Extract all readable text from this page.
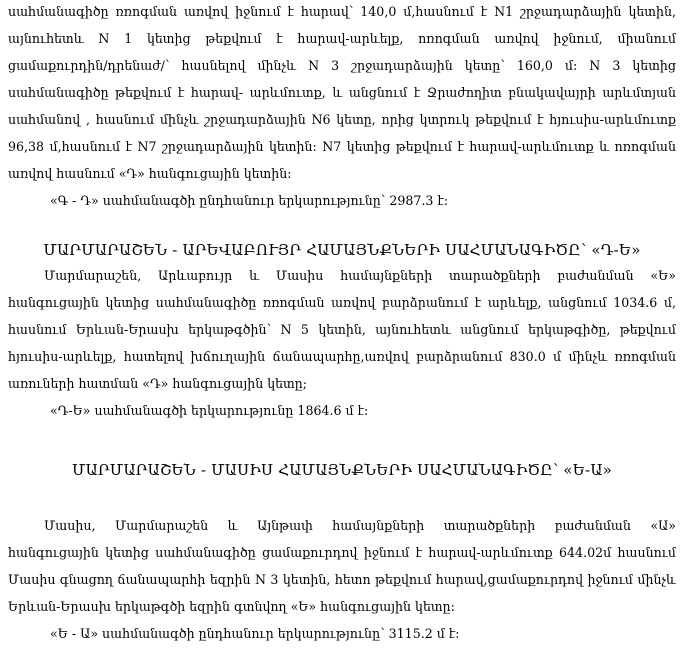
սահմանագիծը ռռոգման առվով իջնում է հարավ՝ 140,0 մ,հասնում է N1 շրջադարձային կետին,
այնուհետև N 1 կետից թեքվում է հարավ-արևելք, ոռոգման առվով իջնում, միանում
ցամաքուրդին/դրենաժ/՝ հասնելով մինչև N 3 շրջադարձային կետը՝ 160,0 մ: N 3 կետից
սահմանագիծը թեքվում է հարավ- արևմուտք, և անցնում է Ջրաժողիտ բնակավայրի արևմտյան
սահմանով , հասնում մինչև շրջադարձային N6 կետը, որից կտրուկ թեքվում է հյուսիս-արևմուտք
96,38 մ,հասնում է N7 շրջադարձային կետին: N7 կետից թեքվում է հարավ-արևմուտք և ոռոգման
առվով հասնում «Դ» հանգուցային կետին:
«Գ - Դ» սահմանագծի ընդհանուր երկարությունը՝ 2987.3 է:
ՄԱՐՄԱՐԱՇԵՆ - ԱՐԵՎԱԲՈՒՅՐ ՀԱՄԱՅՆՔՆԵՐԻ ՍԱՀՄԱՆԱԳԻԾԸ՝ «Դ-Ե»
Մարմարաշեն, Արևաբույր և Մասիս համայնքների տարածքների բաժանման «Ե»
հանգուցային կետից սահմանագիծը ռռոգման առվով բարձրանում է արևելք, անցնում 1034.6 մ,
հասնում Երևան-Երասխ երկաթգծին՝ N 5 կետին, այնուհետև անցնում երկաթգիծը, թեքվում
հյուսիս-արևելք, հատելով խճուղային ճանապարհը,առվով բարձրանում 830.0 մ մինչև ռռոգման
առուների հատման «Դ» հանգուցային կետը;
«Դ-Ե» սահմանագծի երկարությունը 1864.6 մ է:
ՄԱՐՄԱՐԱՇԵՆ - ՄԱՍԻՍ ՀԱՄԱՅՆՔՆԵՐԻ ՍԱՀՄԱՆԱԳԻԾԸ՝ «Ե-Ա»
Մասիս, Մարմարաշեն և Այնթափ համայնքների տարածքների բաժանման «Ա»
հանգուցային կետից սահմանագիծը ցամաքուրդով իջնում է հարավ-արևմուտք 644.02մ հասնում
Մասիս գնացող ճանապարհի եզրին N 3 կետին, հետո թեքվում հարավ,ցամաքուրդով իջնում մինչև
Երևան-Երասխ երկաթգծի եզրին գտնվող «Ե» հանգուցային կետը:
«Ե - Ա» սահմանագծի ընդհանուր երկարությունը՝ 3115.2 մ է:
